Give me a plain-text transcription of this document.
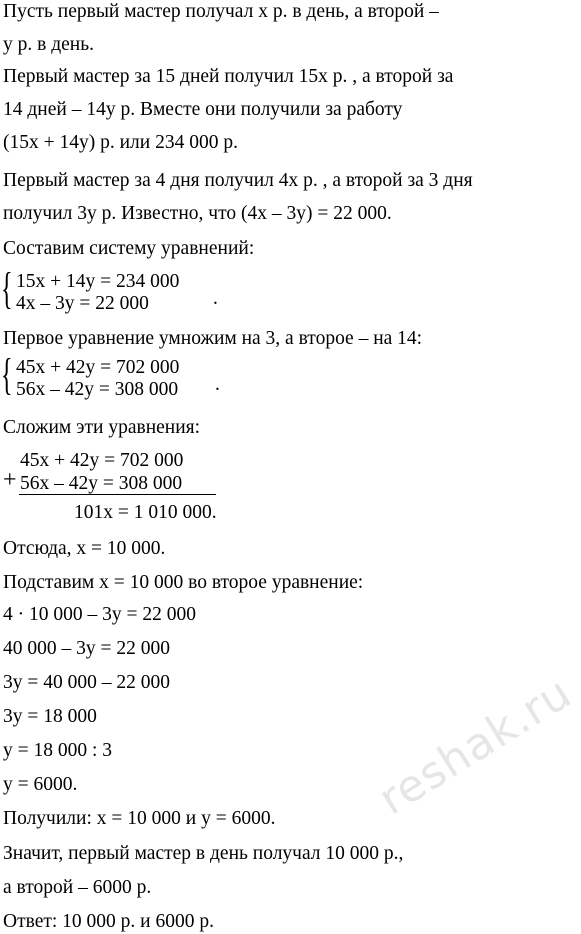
Пусть первый мастер получал x р. в день, а второй –
y р. в день.
Первый мастер за 15 дней получил 15x р. , а второй за
14 дней – 14y р. Вместе они получили за работу
(15x + 14y) р. или 234 000 р.
Первый мастер за 4 дня получил 4x р. , а второй за 3 дня
получил 3y р. Известно, что (4x – 3y) = 22 000.
Составим систему уравнений:
{ 15x + 14y = 234 000
4x – 3y = 22 000	.
Первое уравнение умножим на 3, а второе – на 14:
{ 45x + 42y = 702 000
56x – 42y = 308 000 .
Сложим эти уравнения:
+
45x + 42y = 702 000
56x – 42y = 308 000
101x = 1 010 000.
Отсюда, x = 10 000.
Подставим x = 10 000 во второе уравнение:
4 · 10 000 – 3y = 22 000
40 000 – 3y = 22 000
3y = 40 000 – 22 000
3y = 18 000
y = 18 000 : 3
y = 6000.
Получили: x = 10 000 и y = 6000.
Значит, первый мастер в день получал 10 000 р.,
а второй – 6000 р.
Ответ: 10 000 р. и 6000 р.
reshak.ru
